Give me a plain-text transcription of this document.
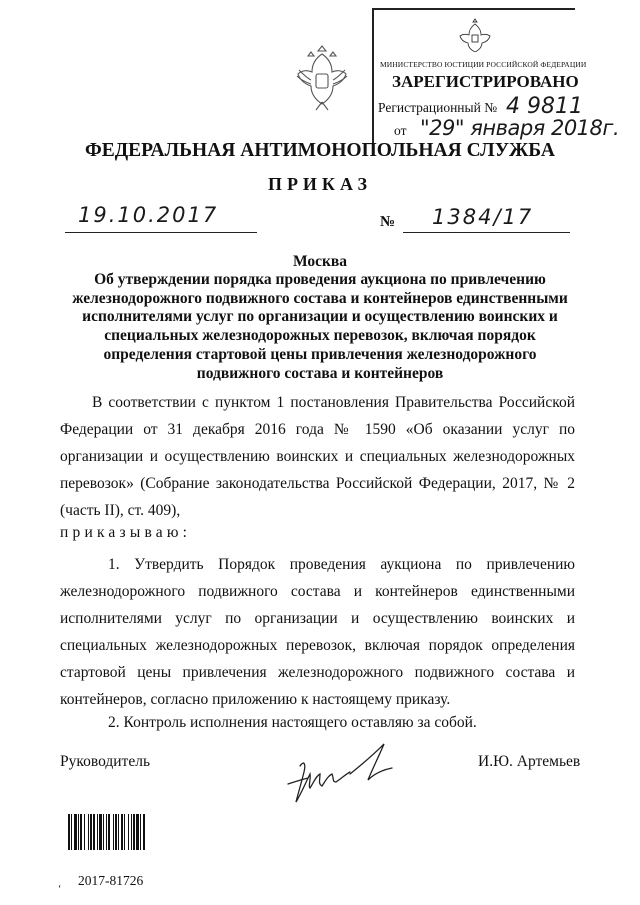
МИНИСТЕРСТВО ЮСТИЦИИ РОССИЙСКОЙ ФЕДЕРАЦИИ
ЗАРЕГИСТРИРОВАНО
Регистрационный № 4 9811
от "29" января 2018г.
ФЕДЕРАЛЬНАЯ АНТИМОНОПОЛЬНАЯ СЛУЖБА
ПРИКАЗ
19.10.2017	№ 1384/17
Москва
Об утверждении порядка проведения аукциона по привлечению железнодорожного подвижного состава и контейнеров единственными исполнителями услуг по организации и осуществлению воинских и специальных железнодорожных перевозок, включая порядок определения стартовой цены привлечения железнодорожного подвижного состава и контейнеров
В соответствии с пунктом 1 постановления Правительства Российской Федерации от 31 декабря 2016 года № 1590 «Об оказании услуг по организации и осуществлению воинских и специальных железнодорожных перевозок» (Собрание законодательства Российской Федерации, 2017, № 2 (часть II), ст. 409),
приказываю:
1. Утвердить Порядок проведения аукциона по привлечению железнодорожного подвижного состава и контейнеров единственными исполнителями услуг по организации и осуществлению воинских и специальных железнодорожных перевозок, включая порядок определения стартовой цены привлечения железнодорожного подвижного состава и контейнеров, согласно приложению к настоящему приказу.
2. Контроль исполнения настоящего оставляю за собой.
Руководитель	И.Ю. Артемьев
2017-81726
ʻ
